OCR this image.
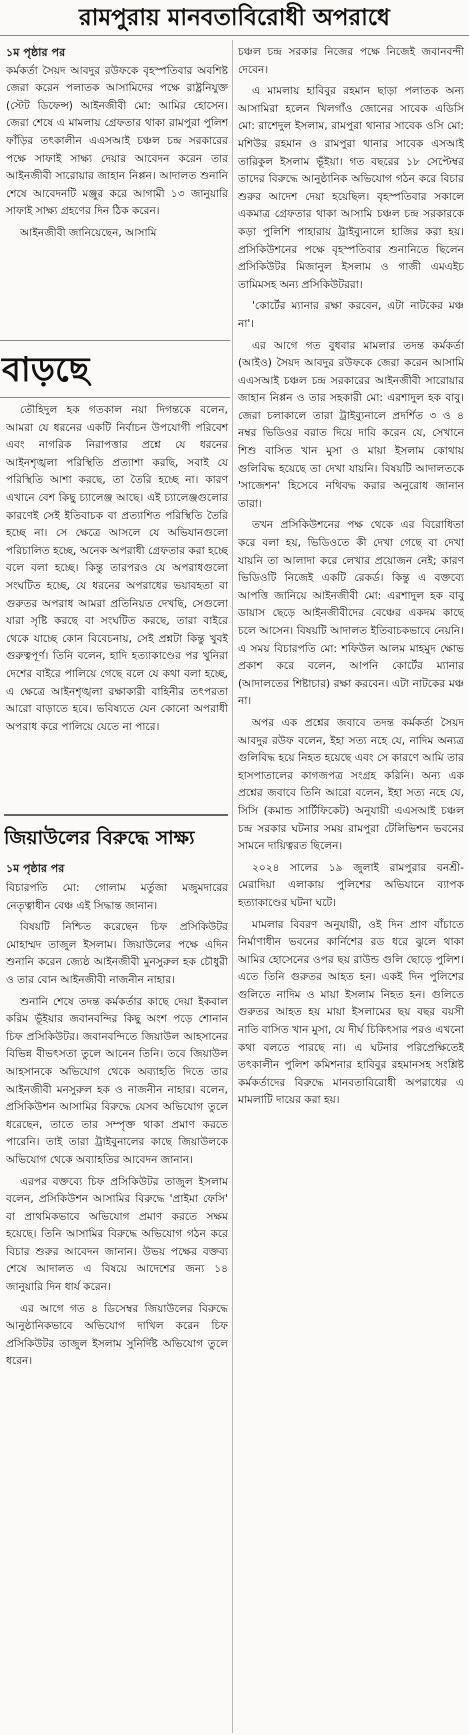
রামপুরায় মানবতাবিরোধী অপরাধে
১ম পৃষ্ঠার পর

কর্মকর্তা সৈয়দ আবদুর রউফকে বৃহস্পতিবার অবশিষ্ট জেরা করেন পলাতক আসামিদের পক্ষে রাষ্ট্রনিযুক্ত (স্টেট ডিফেন্স) আইনজীবী মো: আমির হোসেন। জেরা শেষে এ মামলায় গ্রেফতার থাকা রামপুরা পুলিশ ফাঁড়ির তৎকালীন এএসআই চঞ্চল চন্দ্র সরকারের পক্ষে সাফাই সাক্ষ্য দেয়ার আবেদন করেন তার আইনজীবী সারোয়ার জাহান নিপ্পন। আদালত শুনানি শেষে আবেদনটি মঞ্জুর করে আগামী ১৩ জানুয়ারি সাফাই সাক্ষ্য গ্রহণের দিন ঠিক করেন।

আইনজীবী জানিয়েছেন, আসামি

বাড়ছে

তৌহিদুল হক গতকাল নয়া দিগন্তকে বলেন, আমরা যে ধরনের একটি নির্বাচন উপযোগী পরিবেশ এবং নাগরিক নিরাপত্তার প্রশ্নে যে ধরনের আইনশৃঙ্খলা পরিস্থিতি প্রত্যাশা করছি, সবাই যে পরিস্থিতি আশা করছে, তা তৈরি হচ্ছে না। কারণ এখানে বেশ কিছু চ্যালেঞ্জ আছে। এই চ্যালেঞ্জগুলোর কারণেই সেই ইতিবাচক বা প্রত্যাশিত পরিস্থিতি তৈরি হচ্ছে না। সে ক্ষেত্রে আসলে যে অভিযানগুলো পরিচালিত হচ্ছে, অনেক অপরাধী গ্রেফতার করা হচ্ছে বলে বলা হচ্ছে। কিন্তু তারপরও যে অপরাধগুলো সংঘটিত হচ্ছে, যে ধরনের অপরাধের ভয়াবহতা বা গুরুতর অপরাধ আমরা প্রতিনিয়ত দেখছি, সেগুলো যারা সৃষ্টি করছে বা সংঘটিত করছে, তারা বাইরে থেকে যাচ্ছে কোন বিবেচনায়, সেই প্রশ্নটা কিন্তু খুবই গুরুত্বপূর্ণ। তিনি বলেন, হাদি হত্যাকাণ্ডের পর খুনিরা দেশের বাইরে পালিয়ে গেছে বলে যে কথা বলা হচ্ছে, এ ক্ষেত্রে আইনশৃঙ্খলা রক্ষাকারী বাহিনীর তৎপরতা আরো বাড়াতে হবে। ভবিষ্যতে যেন কোনো অপরাধী অপরাধ করে পালিয়ে যেতে না পারে।

জিয়াউলের বিরুদ্ধে সাক্ষ্য
১ম পৃষ্ঠার পর

বিচারপতি মো: গোলাম মর্তুজা মজুমদারের নেতৃত্বাধীন বেঞ্চ এই সিদ্ধান্ত জানান।

বিষয়টি নিশ্চিত করেছেন চিফ প্রসিকিউটর মোহাম্মদ তাজুল ইসলাম। জিয়াউলের পক্ষে এদিন শুনানি করেন জ্যেষ্ঠ আইনজীবী মুনসুরুল হক চৌধুরী ও তার বোন আইনজীবী নাজনীন নাহার।

শুনানি শেষে তদন্ত কর্মকর্তার কাছে দেয়া ইকবাল করিম ভূঁইয়ার জবানবন্দির কিছু অংশ পড়ে শোনান চিফ প্রসিকিউটর। জবানবন্দিতে জিয়াউল আহসানের বিভিন্ন বীভৎসতা তুলে আনেন তিনি। তবে জিয়াউল আহসানকে অভিযোগ থেকে অব্যাহতি দিতে তার আইনজীবী মনসুরুল হক ও নাজনীন নাহার। বলেন, প্রসিকিউশন আসামির বিরুদ্ধে যেসব অভিযোগ তুলে ধরেছেন, তাতে তার সম্পৃক্ত থাকা প্রমাণ করতে পারেনি। তাই তারা ট্রাইবুনালের কাছে জিয়াউলকে অভিযোগ থেকে অব্যাহতির আবেদন জানান।

এরপর বক্তব্যে চিফ প্রসিকিউটর তাজুল ইসলাম বলেন, প্রসিকিউশন আসামির বিরুদ্ধে 'প্রাইমা ফেসি' বা প্রাথমিকভাবে অভিযোগ প্রমাণ করতে সক্ষম হয়েছে। তিনি আসামির বিরুদ্ধে অভিযোগ গঠন করে বিচার শুরুর আবেদন জানান। উভয় পক্ষের বক্তব্য শেষে আদালত এ বিষয়ে আদেশের জন্য ১৪ জানুয়ারি দিন ধার্য করেন।

এর আগে গত ৪ ডিসেম্বর জিয়াউলের বিরুদ্ধে আনুষ্ঠানিকভাবে অভিযোগ দাখিল করেন চিফ প্রসিকিউটর তাজুল ইসলাম সুনির্দিষ্ট অভিযোগ তুলে ধরেন।

চঞ্চল চন্দ্র সরকার নিজের পক্ষে নিজেই জবানবন্দী দেবেন।

এ মামলায় হাবিবুর রহমান ছাড়া পলাতক অন্য আসামিরা হলেন খিলগাঁও জোনের সাবেক এডিসি মো: রাশেদুল ইসলাম, রামপুরা থানার সাবেক ওসি মো: মশিউর রহমান ও রামপুরা থানার সাবেক এসআই তারিকুল ইসলাম ভূঁইয়া। গত বছরের ১৮ সেপ্টেম্বর তাদের বিরুদ্ধে আনুষ্ঠানিক অভিযোগ গঠন করে বিচার শুরুর আদেশ দেয়া হয়েছিল। বৃহস্পতিবার সকালে একমাত্র গ্রেফতার থাকা আসামি চঞ্চল চন্দ্র সরকারকে কড়া পুলিশি পাহারায় ট্রাইব্যুনালে হাজির করা হয়। প্রসিকিউশনের পক্ষে বৃহস্পতিবার শুনানিতে ছিলেন প্রসিকিউটর মিজানুল ইসলাম ও গাজী এমএইচ তামিমসহ অন্য প্রসিকিউটররা।

'কোর্টের ম্যানার রক্ষা করবেন, এটা নাটকের মঞ্চ না'।

এর আগে গত বুধবার মামলার তদন্ত কর্মকর্তা (আইও) সৈয়দ আবদুর রউফকে জেরা করেন আসামি এএসআই চঞ্চল চন্দ্র সরকারের আইনজীবী সারোয়ার জাহান নিপ্পন ও তার সহকারী মো: এরশাদুল হক বাবু। জেরা চলাকালে তারা ট্রাইব্যুনালে প্রদর্শিত ৩ ও ৪ নম্বর ভিডিওর বরাত দিয়ে দাবি করেন যে, সেখানে শিশু বাসিত খান মুসা ও মায়া ইসলাম কোথায় গুলিবিদ্ধ হয়েছে তা দেখা যায়নি। বিষয়টি আদালতকে 'সাজেশন' হিসেবে নথিবদ্ধ করার অনুরোধ জানান তারা।

তখন প্রসিকিউশনের পক্ষ থেকে এর বিরোধিতা করে বলা হয়, ভিডিওতে কী দেখা গেছে বা দেখা যায়নি তা আলাদা করে লেখার প্রয়োজন নেই; কারণ ভিডিওটি নিজেই একটি রেকর্ড। কিন্তু এ বক্তব্যে আপত্তি জানিয়ে আইনজীবী মো: এরশাদুল হক বাবু ডায়াস ছেড়ে আইনজীবীদের বেঞ্চের একদম কাছে চলে আসেন। বিষয়টি আদালত ইতিবাচকভাবে নেয়নি। এ সময় বিচারপতি মো: শফিউল আলম মাহমুদ ক্ষোভ প্রকাশ করে বলেন, আপনি কোর্টের ম্যানার (আদালতের শিষ্টাচার) রক্ষা করবেন। এটা নাটকের মঞ্চ না।

অপর এক প্রশ্নের জবাবে তদন্ত কর্মকর্তা সৈয়দ আবদুর রউফ বলেন, ইহা সত্য নহে যে, নাদিম অন্যত্র গুলিবিদ্ধ হয়ে নিহত হয়েছে এবং সে কারণে আমি তার হাসপাতালের কাগজপত্র সংগ্রহ করিনি। অন্য এক প্রশ্নের জবাবে তিনি আরো বলেন, ইহা সত্য নহে যে, সিসি (কমান্ড সার্টিফিকেট) অনুযায়ী এএসআই চঞ্চল চন্দ্র সরকার ঘটনার সময় রামপুরা টেলিভিশন ভবনের সামনে দায়িত্বরত ছিলেন।

২০২৪ সালের ১৯ জুলাই রামপুরার বনশ্রী-মেরাদিয়া এলাকায় পুলিশের অভিযানে ব্যাপক হত্যাকাণ্ডের ঘটনা ঘটে।

মামলার বিবরণ অনুযায়ী, ওই দিন প্রাণ বাঁচাতে নির্মাণাধীন ভবনের কার্নিশের রড ধরে ঝুলে থাকা আমির হোসেনের ওপর ছয় রাউন্ড গুলি ছোড়ে পুলিশ। এতে তিনি গুরুতর আহত হন। একই দিন পুলিশের গুলিতে নাদিম ও মায়া ইসলাম নিহত হন। গুলিতে গুরুতর আহত হয় মায়া ইসলামের ছয় বছর বয়সী নাতি বাসিত খান মুসা, যে দীর্ঘ চিকিৎসার পরও এখনো কথা বলতে পারছে না। এ ঘটনার পরিপ্রেক্ষিতেই তৎকালীন পুলিশ কমিশনার হাবিবুর রহমানসহ সংশ্লিষ্ট কর্মকর্তাদের বিরুদ্ধে মানবতাবিরোধী অপরাধের এ মামলাটি দায়ের করা হয়।
